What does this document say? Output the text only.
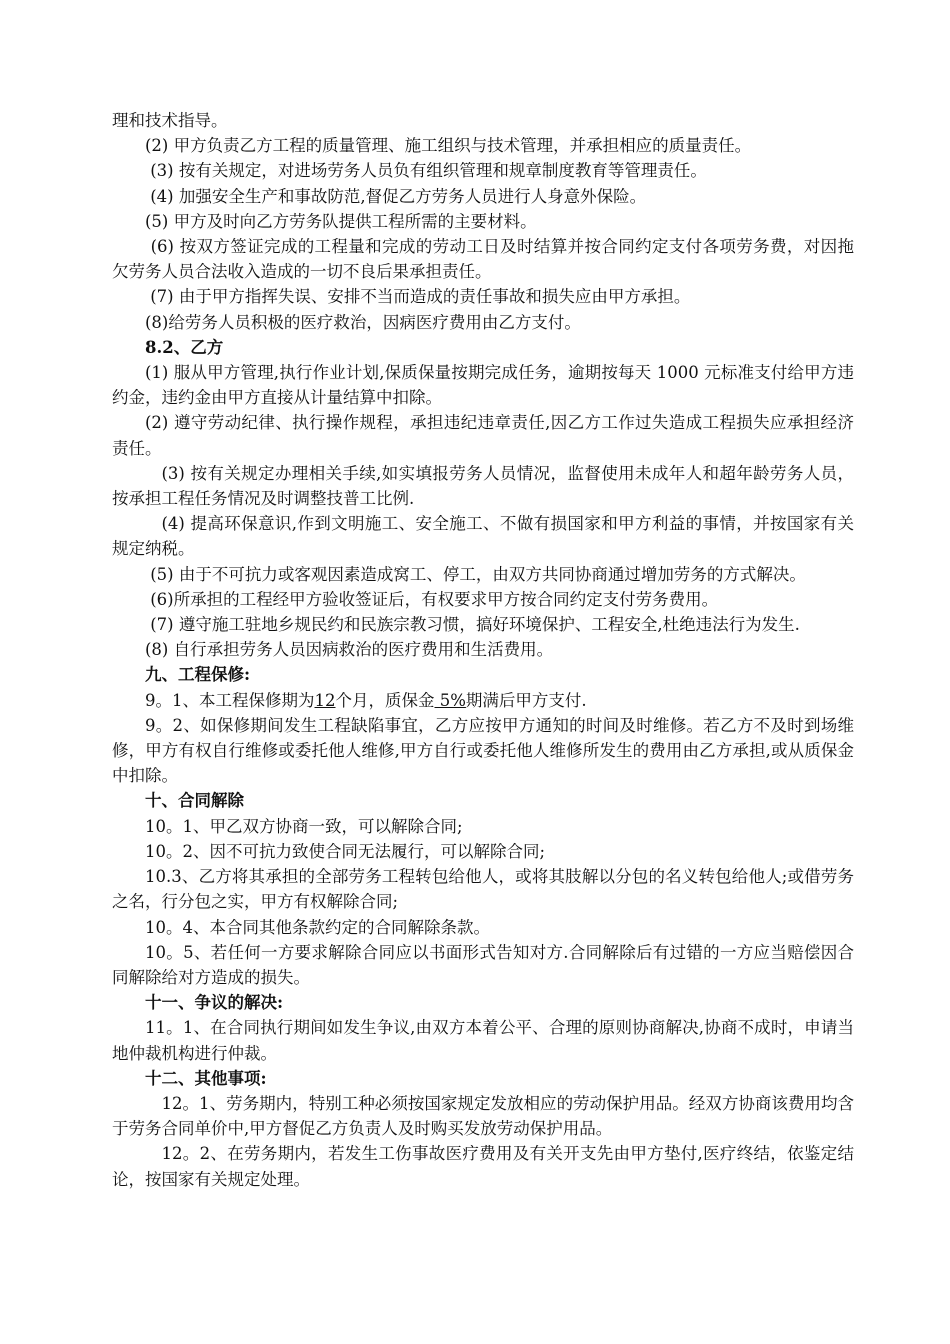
理和技术指导。

(2) 甲方负责乙方工程的质量管理、施工组织与技术管理，并承担相应的质量责任。

(3) 按有关规定，对进场劳务人员负有组织管理和规章制度教育等管理责任。

(4) 加强安全生产和事故防范,督促乙方劳务人员进行人身意外保险。

(5) 甲方及时向乙方劳务队提供工程所需的主要材料。

(6) 按双方签证完成的工程量和完成的劳动工日及时结算并按合同约定支付各项劳务费，对因拖欠劳务人员合法收入造成的一切不良后果承担责任。

(7) 由于甲方指挥失误、安排不当而造成的责任事故和损失应由甲方承担。

(8)给劳务人员积极的医疗救治，因病医疗费用由乙方支付。

8.2、乙方

(1) 服从甲方管理,执行作业计划,保质保量按期完成任务，逾期按每天 1000 元标准支付给甲方违约金，违约金由甲方直接从计量结算中扣除。

(2) 遵守劳动纪律、执行操作规程，承担违纪违章责任,因乙方工作过失造成工程损失应承担经济责任。

(3) 按有关规定办理相关手续,如实填报劳务人员情况，监督使用未成年人和超年龄劳务人员，按承担工程任务情况及时调整技普工比例.

(4) 提高环保意识,作到文明施工、安全施工、不做有损国家和甲方利益的事情，并按国家有关规定纳税。

(5) 由于不可抗力或客观因素造成窝工、停工，由双方共同协商通过增加劳务的方式解决。

(6)所承担的工程经甲方验收签证后，有权要求甲方按合同约定支付劳务费用。

(7) 遵守施工驻地乡规民约和民族宗教习惯，搞好环境保护、工程安全,杜绝违法行为发生.

(8) 自行承担劳务人员因病救治的医疗费用和生活费用。

九、工程保修:

9。1、本工程保修期为12个月，质保金 5%期满后甲方支付.

9。2、如保修期间发生工程缺陷事宜，乙方应按甲方通知的时间及时维修。若乙方不及时到场维修，甲方有权自行维修或委托他人维修,甲方自行或委托他人维修所发生的费用由乙方承担,或从质保金中扣除。

十、合同解除

10。1、甲乙双方协商一致，可以解除合同;

10。2、因不可抗力致使合同无法履行，可以解除合同;

10.3、乙方将其承担的全部劳务工程转包给他人，或将其肢解以分包的名义转包给他人;或借劳务之名，行分包之实，甲方有权解除合同;

10。4、本合同其他条款约定的合同解除条款。

10。5、若任何一方要求解除合同应以书面形式告知对方.合同解除后有过错的一方应当赔偿因合同解除给对方造成的损失。

十一、争议的解决:

11。1、在合同执行期间如发生争议,由双方本着公平、合理的原则协商解决,协商不成时，申请当地仲裁机构进行仲裁。

十二、其他事项:

12。1、劳务期内，特别工种必须按国家规定发放相应的劳动保护用品。经双方协商该费用均含于劳务合同单价中,甲方督促乙方负责人及时购买发放劳动保护用品。

12。2、在劳务期内，若发生工伤事故医疗费用及有关开支先由甲方垫付,医疗终结，依鉴定结论，按国家有关规定处理。
